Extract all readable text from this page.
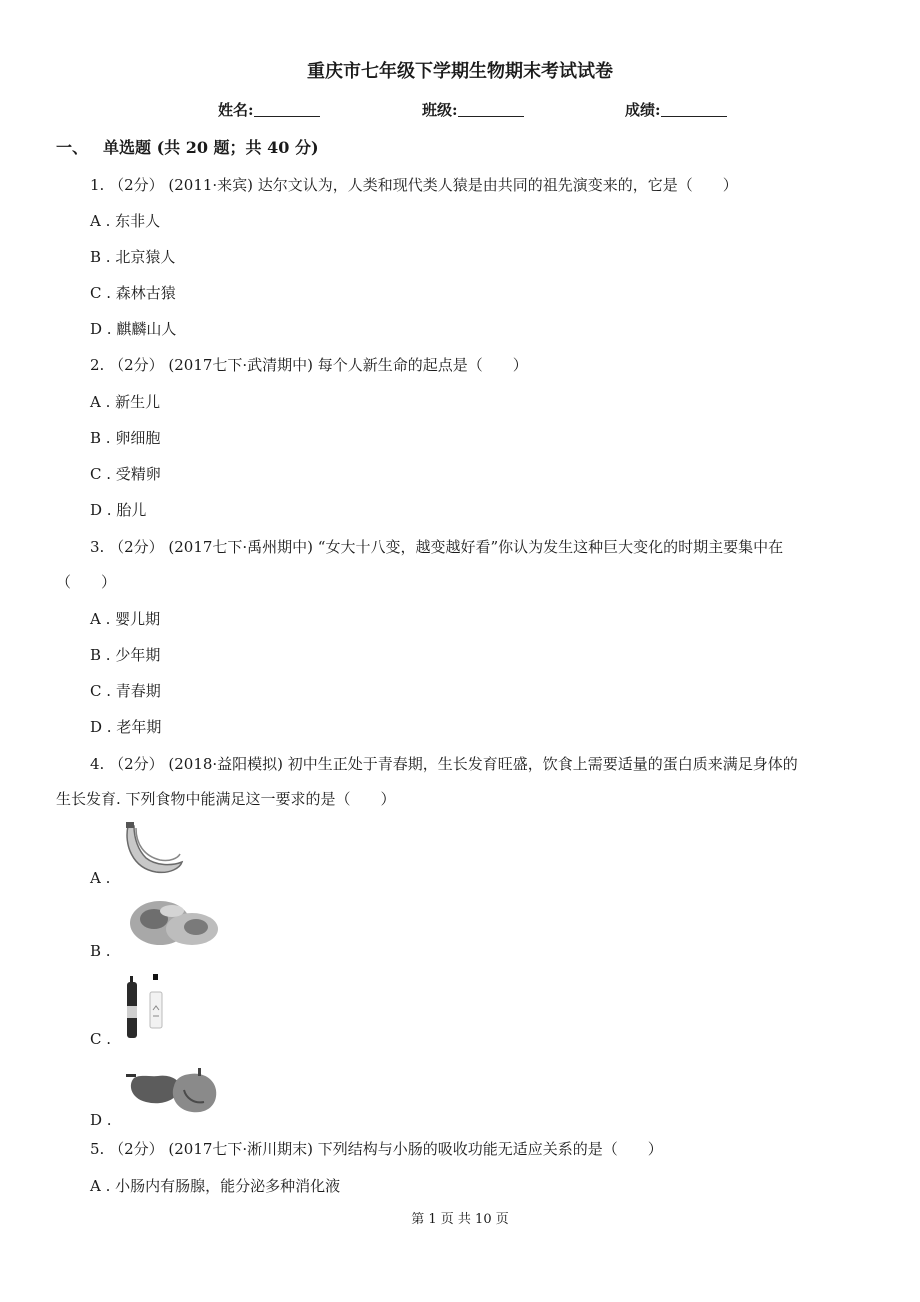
重庆市七年级下学期生物期末考试试卷
姓名:	班级:	成绩:
一、 单选题 (共 20 题；共 40 分)
1. （2分） (2011·来宾) 达尔文认为，人类和现代类人猿是由共同的祖先演变来的，它是（　　）
A . 东非人
B . 北京猿人
C . 森林古猿
D . 麒麟山人
2. （2分） (2017七下·武清期中) 每个人新生命的起点是（　　）
A . 新生儿
B . 卵细胞
C . 受精卵
D . 胎儿
3. （2分） (2017七下·禹州期中) “女大十八变，越变越好看”你认为发生这种巨大变化的时期主要集中在
（　　）
A . 婴儿期
B . 少年期
C . 青春期
D . 老年期
4. （2分） (2018·益阳模拟) 初中生正处于青春期，生长发育旺盛，饮食上需要适量的蛋白质来满足身体的
生长发育. 下列食物中能满足这一要求的是（　　）
A .
B .
C .
D .
5. （2分） (2017七下·淅川期末) 下列结构与小肠的吸收功能无适应关系的是（　　）
A . 小肠内有肠腺，能分泌多种消化液
第 1 页 共 10 页
